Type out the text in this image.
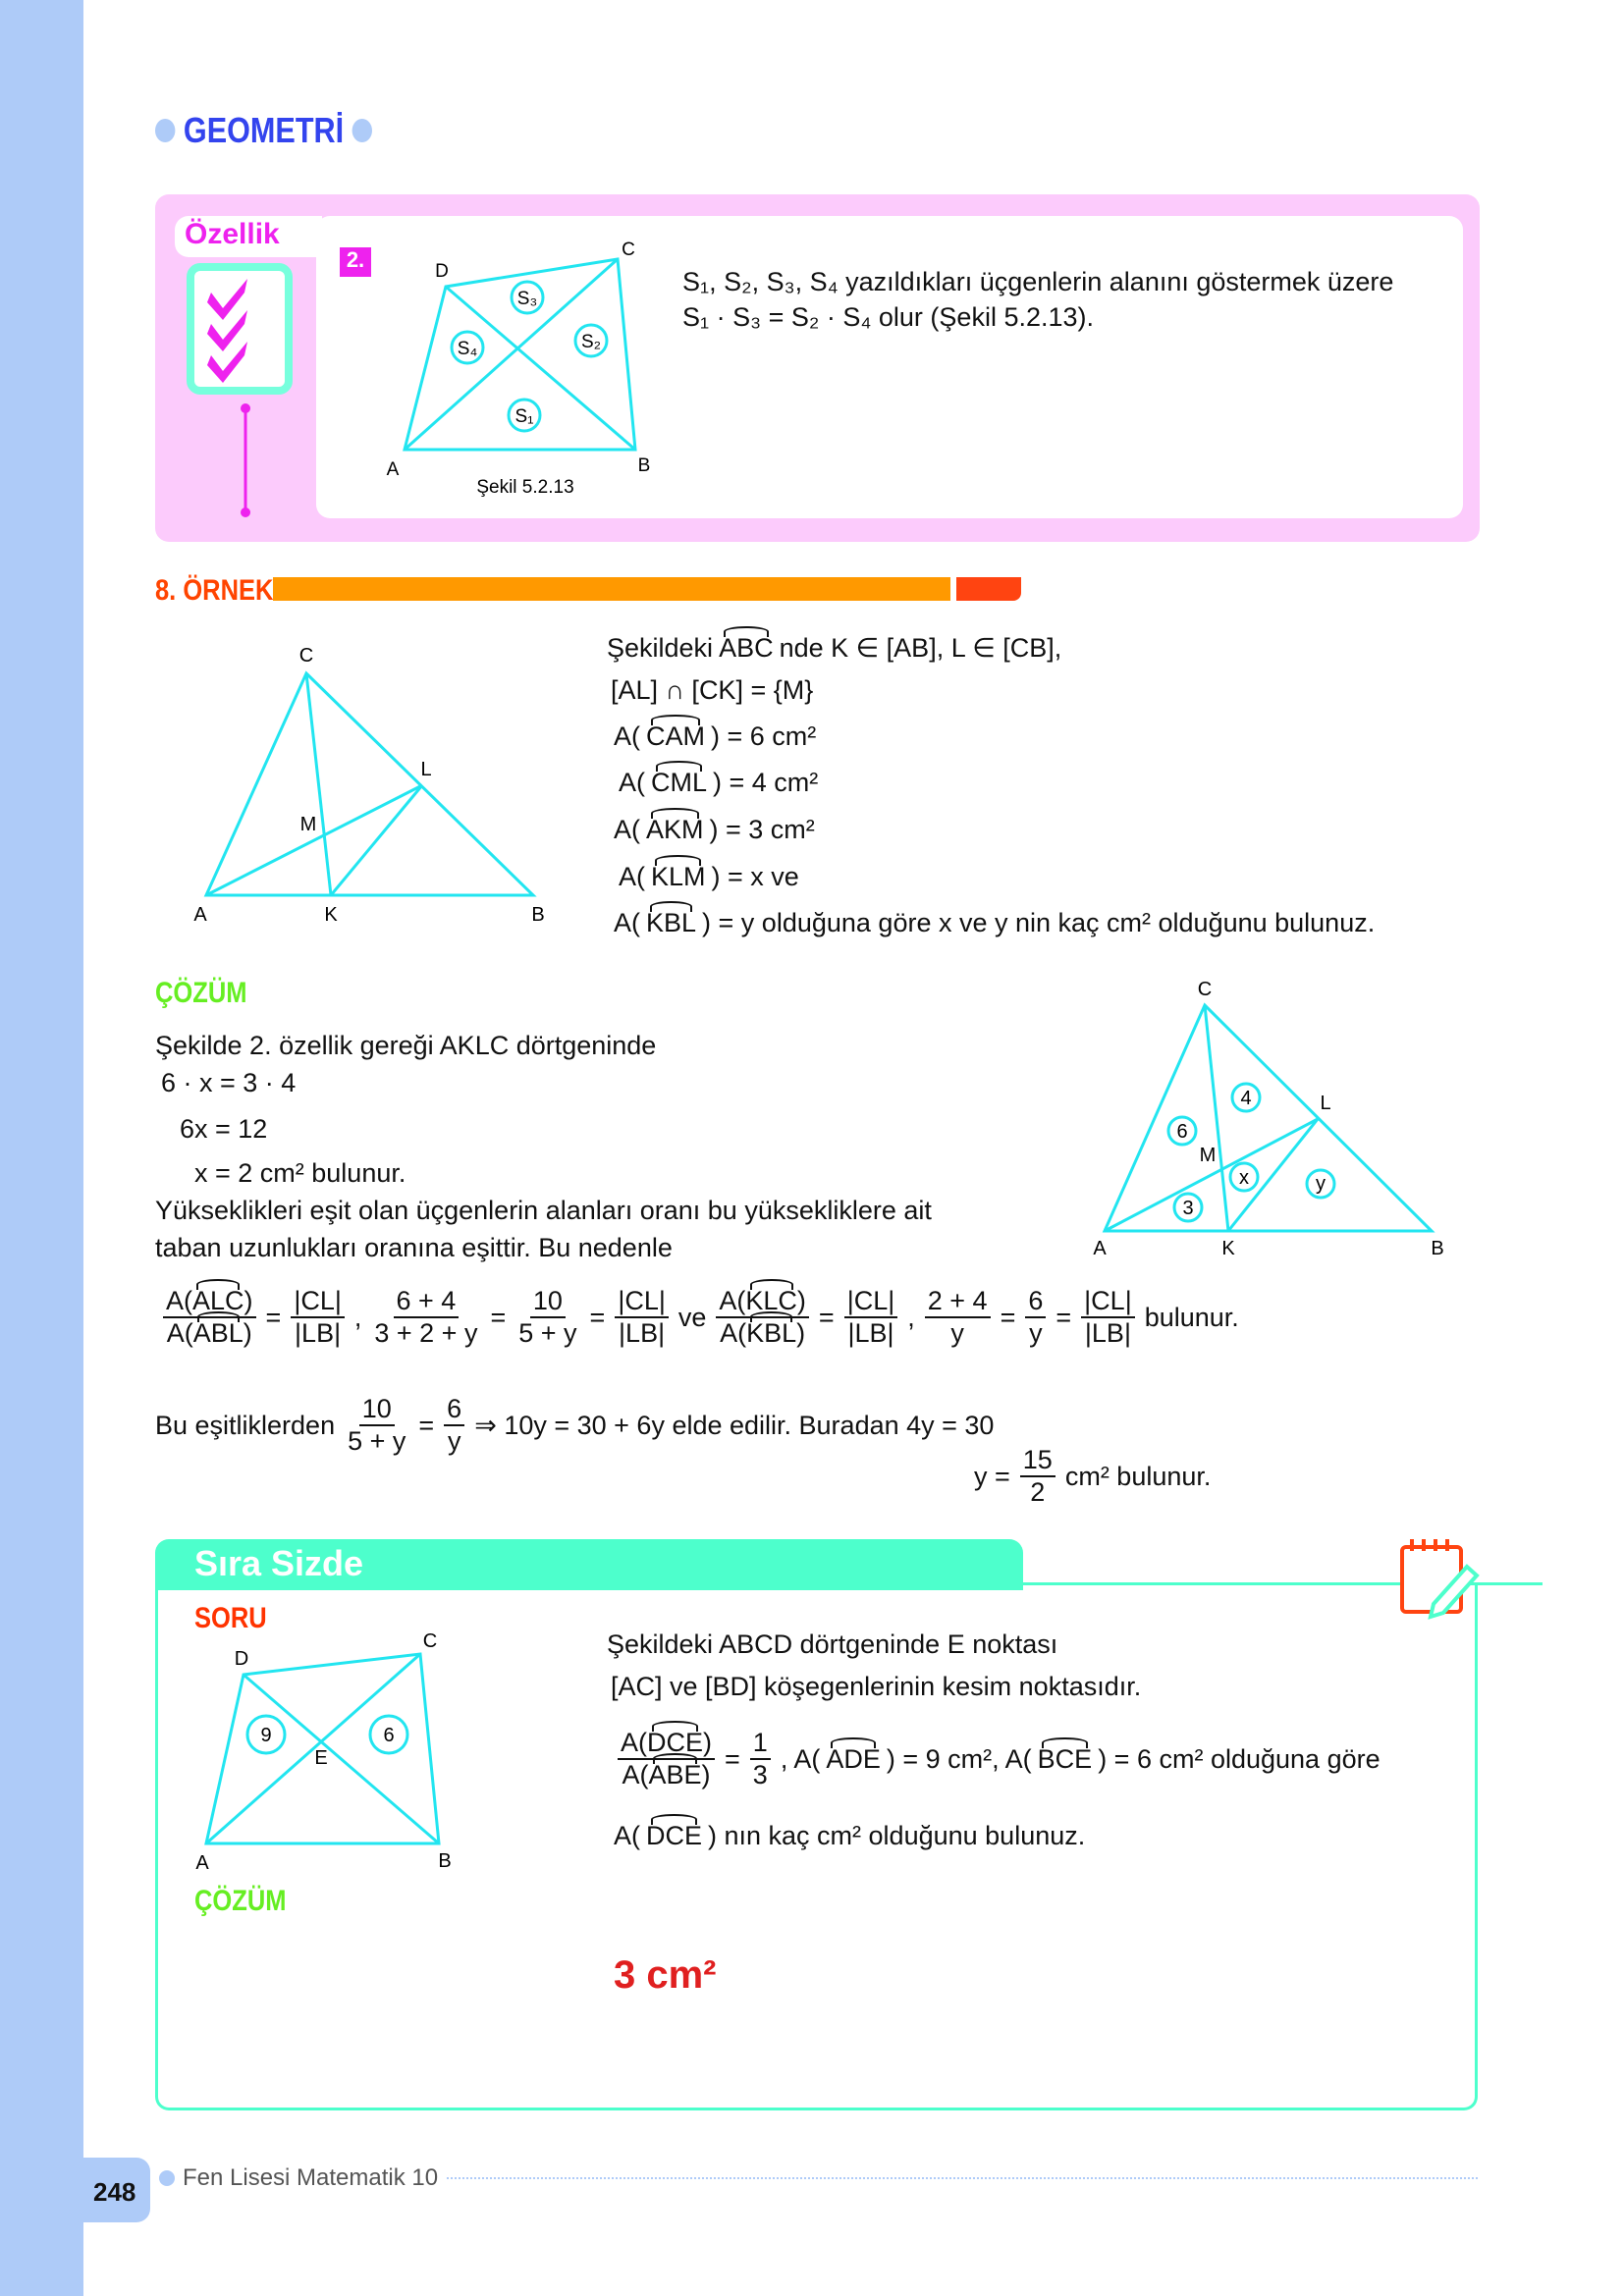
GEOMETRİ
Özellik
2.
A	B
C
D
S₃
S₂
S₄
S₁
Şekil 5.2.13
S₁, S₂, S₃, S₄ yazıldıkları üçgenlerin alanını göstermek üzere
S₁ · S₃ = S₂ · S₄ olur (Şekil 5.2.13).
8. ÖRNEK
A	B
C
K
L
M
Şekildeki ABC nde K ∈ [AB], L ∈ [CB],
[AL] ∩ [CK] = {M}
A( CAM ) = 6 cm²
A( CML ) = 4 cm²
A( AKM ) = 3 cm²
A( KLM ) = x ve
A( KBL ) = y olduğuna göre x ve y nin kaç cm² olduğunu bulunuz.
ÇÖZÜM
Şekilde 2. özellik gereği AKLC dörtgeninde
6 · x = 3 · 4
6x = 12
x = 2 cm² bulunur.
Yükseklikleri eşit olan üçgenlerin alanları oranı bu yüksekliklere ait
taban uzunlukları oranına eşittir. Bu nedenle	A	B
C
K
L
M
6
4
x
3
y
$\frac{\text{A(ALC)}}{\text{A(ABL)}} = \frac{|CL|}{|LB|}$ , $\frac{6 + 4}{3 + 2 + y} = \frac{10}{5 + y} = \frac{|CL|}{|LB|}$ ve $\frac{\text{A(KLC)}}{\text{A(KBL)}} = \frac{|CL|}{|LB|}$ , $\frac{2 + 4}{y} = \frac{6}{y} = \frac{|CL|}{|LB|}$ bulunur.
Bu eşitliklerden $\frac{10}{5 + y} = \frac{6}{y}$ ⇒ 10y = 30 + 6y elde edilir. Buradan 4y = 30
$y = \frac{15}{2} cm^2$ bulunur.
Sıra Sizde
SORU
A	B
C
D
E
9	6
Şekildeki ABCD dörtgeninde E noktası
[AC] ve [BD] köşegenlerinin kesim noktasıdır.
$\frac{\text{A(DCE)}}{\text{A(ABE)}} = \frac{1}{3}$ , A( ADE ) = 9 cm², A( BCE ) = 6 cm² olduğuna göre
A( DCE ) nın kaç cm² olduğunu bulunuz.
ÇÖZÜM
3 cm²
248	Fen Lisesi Matematik 10
